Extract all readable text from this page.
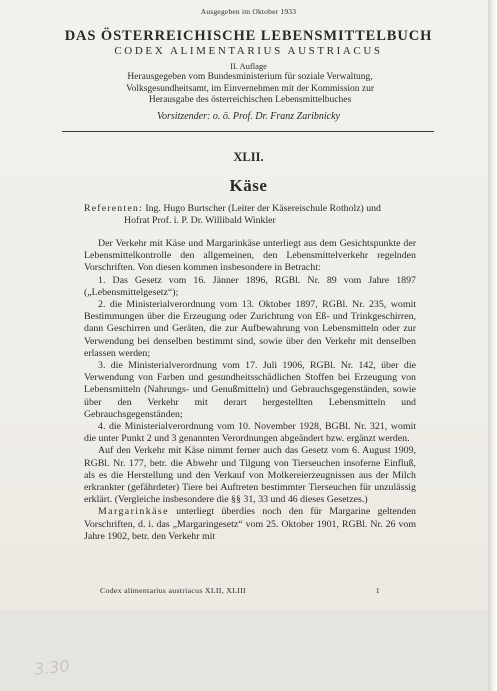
Ausgegeben im Oktober 1933
DAS ÖSTERREICHISCHE LEBENSMITTELBUCH
CODEX ALIMENTARIUS AUSTRIACUS
II. Auflage
Herausgegeben vom Bundesministerium für soziale Verwaltung,
Volksgesundheitsamt, im Einvernehmen mit der Kommission zur
Herausgabe des österreichischen Lebensmittelbuches
Vorsitzender: o. ö. Prof. Dr. Franz Zaribnicky
XLII.
Käse
Referenten: Ing. Hugo Burtscher (Leiter der Käsereischule Rotholz) und
Hofrat Prof. i. P. Dr. Willibald Winkler

Der Verkehr mit Käse und Margarinkäse unterliegt aus dem Gesichtspunkte der Lebensmittelkontrolle den allgemeinen, den Lebensmittelverkehr regelnden Vorschriften. Von diesen kommen insbesondere in Betracht:

1. Das Gesetz vom 16. Jänner 1896, RGBl. Nr. 89 vom Jahre 1897 („Lebensmittelgesetz“);

2. die Ministerialverordnung vom 13. Oktober 1897, RGBl. Nr. 235, womit Bestimmungen über die Erzeugung oder Zurichtung von Eß- und Trinkgeschirren, dann Geschirren und Geräten, die zur Aufbewahrung von Lebensmitteln oder zur Verwendung bei denselben bestimmt sind, sowie über den Verkehr mit denselben erlassen werden;

3. die Ministerialverordnung vom 17. Juli 1906, RGBl. Nr. 142, über die Verwendung von Farben und gesundheitsschädlichen Stoffen bei Erzeugung von Lebensmitteln (Nahrungs- und Genußmitteln) und Gebrauchsgegenständen, sowie über den Verkehr mit derart hergestellten Lebensmitteln und Gebrauchsgegenständen;

4. die Ministerialverordnung vom 10. November 1928, BGBl. Nr. 321, womit die unter Punkt 2 und 3 genannten Verordnungen abgeändert bzw. ergänzt werden.

Auf den Verkehr mit Käse nimmt ferner auch das Gesetz vom 6. August 1909, RGBl. Nr. 177, betr. die Abwehr und Tilgung von Tierseuchen insoferne Einfluß, als es die Herstellung und den Verkauf von Molkereierzeugnissen aus der Milch erkrankter (gefährdeter) Tiere bei Auftreten bestimmter Tierseuchen für unzulässig erklärt. (Vergleiche insbesondere die §§ 31, 33 und 46 dieses Gesetzes.)

Margarinkäse unterliegt überdies noch den für Margarine geltenden Vorschriften, d. i. das „Margaringesetz“ vom 25. Oktober 1901, RGBl. Nr. 26 vom Jahre 1902, betr. den Verkehr mit

Codex alimentarius austriacus XLII, XLIII	1
3.30
